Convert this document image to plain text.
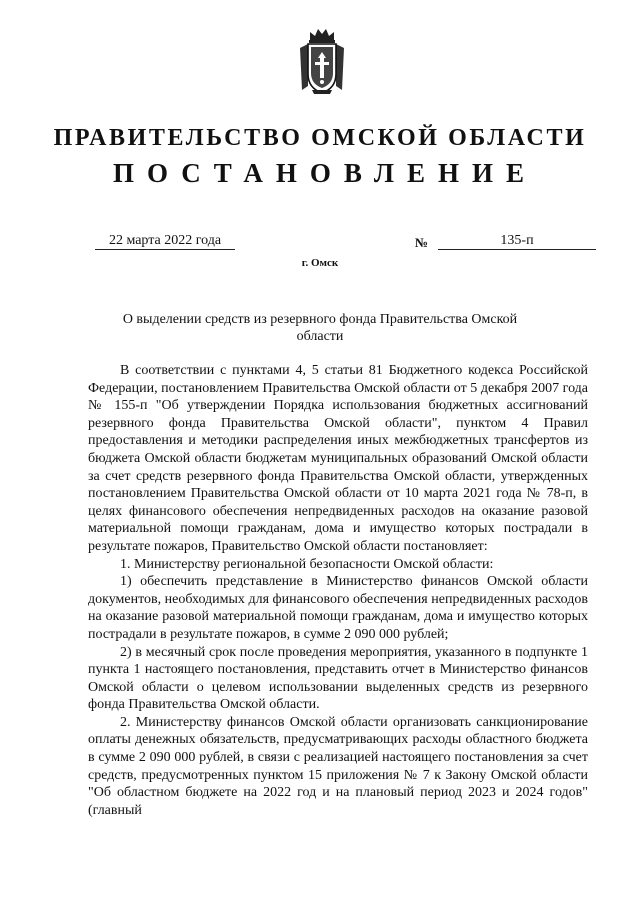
ПРАВИТЕЛЬСТВО ОМСКОЙ ОБЛАСТИ
ПОСТАНОВЛЕНИЕ
22 марта 2022 года	№	135-п
г. Омск
О выделении средств из резервного фонда Правительства Омской области

В соответствии с пунктами 4, 5 статьи 81 Бюджетного кодекса Российской Федерации, постановлением Правительства Омской области от 5 декабря 2007 года № 155-п "Об утверждении Порядка использования бюджетных ассигнований резервного фонда Правительства Омской области", пунктом 4 Правил предоставления и методики распределения иных межбюджетных трансфертов из бюджета Омской области бюджетам муниципальных образований Омской области за счет средств резервного фонда Правительства Омской области, утвержденных постановлением Правительства Омской области от 10 марта 2021 года № 78-п, в целях финансового обеспечения непредвиденных расходов на оказание разовой материальной помощи гражданам, дома и имущество которых пострадали в результате пожаров, Правительство Омской области постановляет:

1. Министерству региональной безопасности Омской области:

1) обеспечить представление в Министерство финансов Омской области документов, необходимых для финансового обеспечения непредвиденных расходов на оказание разовой материальной помощи гражданам, дома и имущество которых пострадали в результате пожаров, в сумме 2 090 000 рублей;

2) в месячный срок после проведения мероприятия, указанного в подпункте 1 пункта 1 настоящего постановления, представить отчет в Министерство финансов Омской области о целевом использовании выделенных средств из резервного фонда Правительства Омской области.

2. Министерству финансов Омской области организовать санкционирование оплаты денежных обязательств, предусматривающих расходы областного бюджета в сумме 2 090 000 рублей, в связи с реализацией настоящего постановления за счет средств, предусмотренных пунктом 15 приложения № 7 к Закону Омской области "Об областном бюджете на 2022 год и на плановый период 2023 и 2024 годов" (главный
